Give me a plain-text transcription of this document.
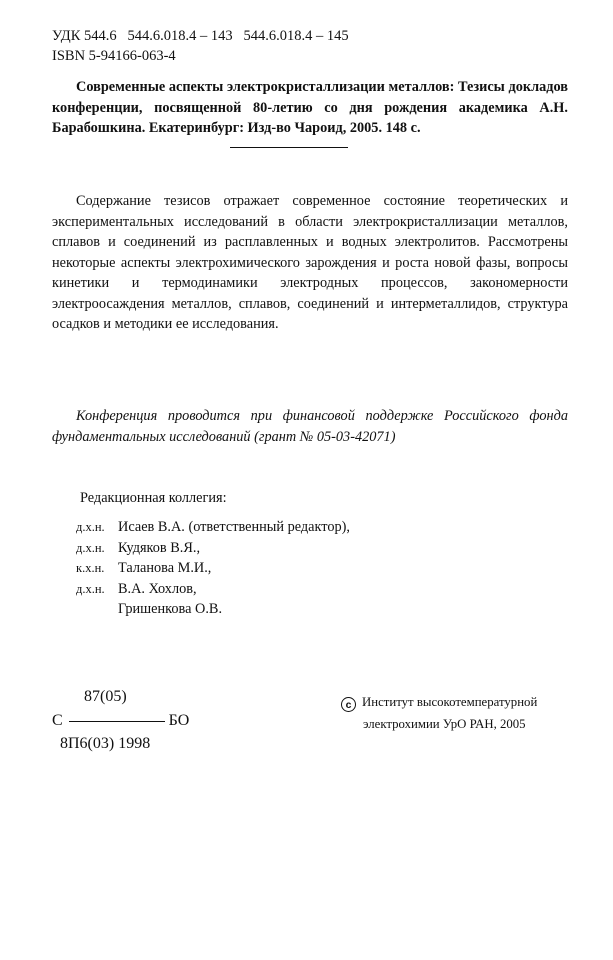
УДК 544.6   544.6.018.4 – 143   544.6.018.4 – 145
ISBN 5-94166-063-4
Современные аспекты электрокристаллизации металлов: Тезисы докладов конференции, посвященной 80-летию со дня рождения академика А.Н. Барабошкина. Екатеринбург: Изд-во Чароид, 2005. 148 с.
Содержание тезисов отражает современное состояние теоретических и экспериментальных исследований в области электрокристаллизации металлов, сплавов и соединений из расплавленных и водных электролитов. Рассмотрены некоторые аспекты электрохимического зарождения и роста новой фазы, вопросы кинетики и термодинамики электродных процессов, закономерности электроосаждения металлов, сплавов, соединений и интерметаллидов, структура осадков и методики ее исследования.
Конференция проводится при финансовой поддержке Российского фонда фундаментальных исследований (грант № 05-03-42071)
Редакционная коллегия:
д.х.н. Исаев В.А. (ответственный редактор),
д.х.н. Кудяков В.Я.,
к.х.н. Таланова М.И.,
д.х.н. В.А. Хохлов,
Гришенкова О.В.
87(05)
С	БО
8П6(03) 1998
c Институт высокотемпературной
электрохимии УрО РАН, 2005
